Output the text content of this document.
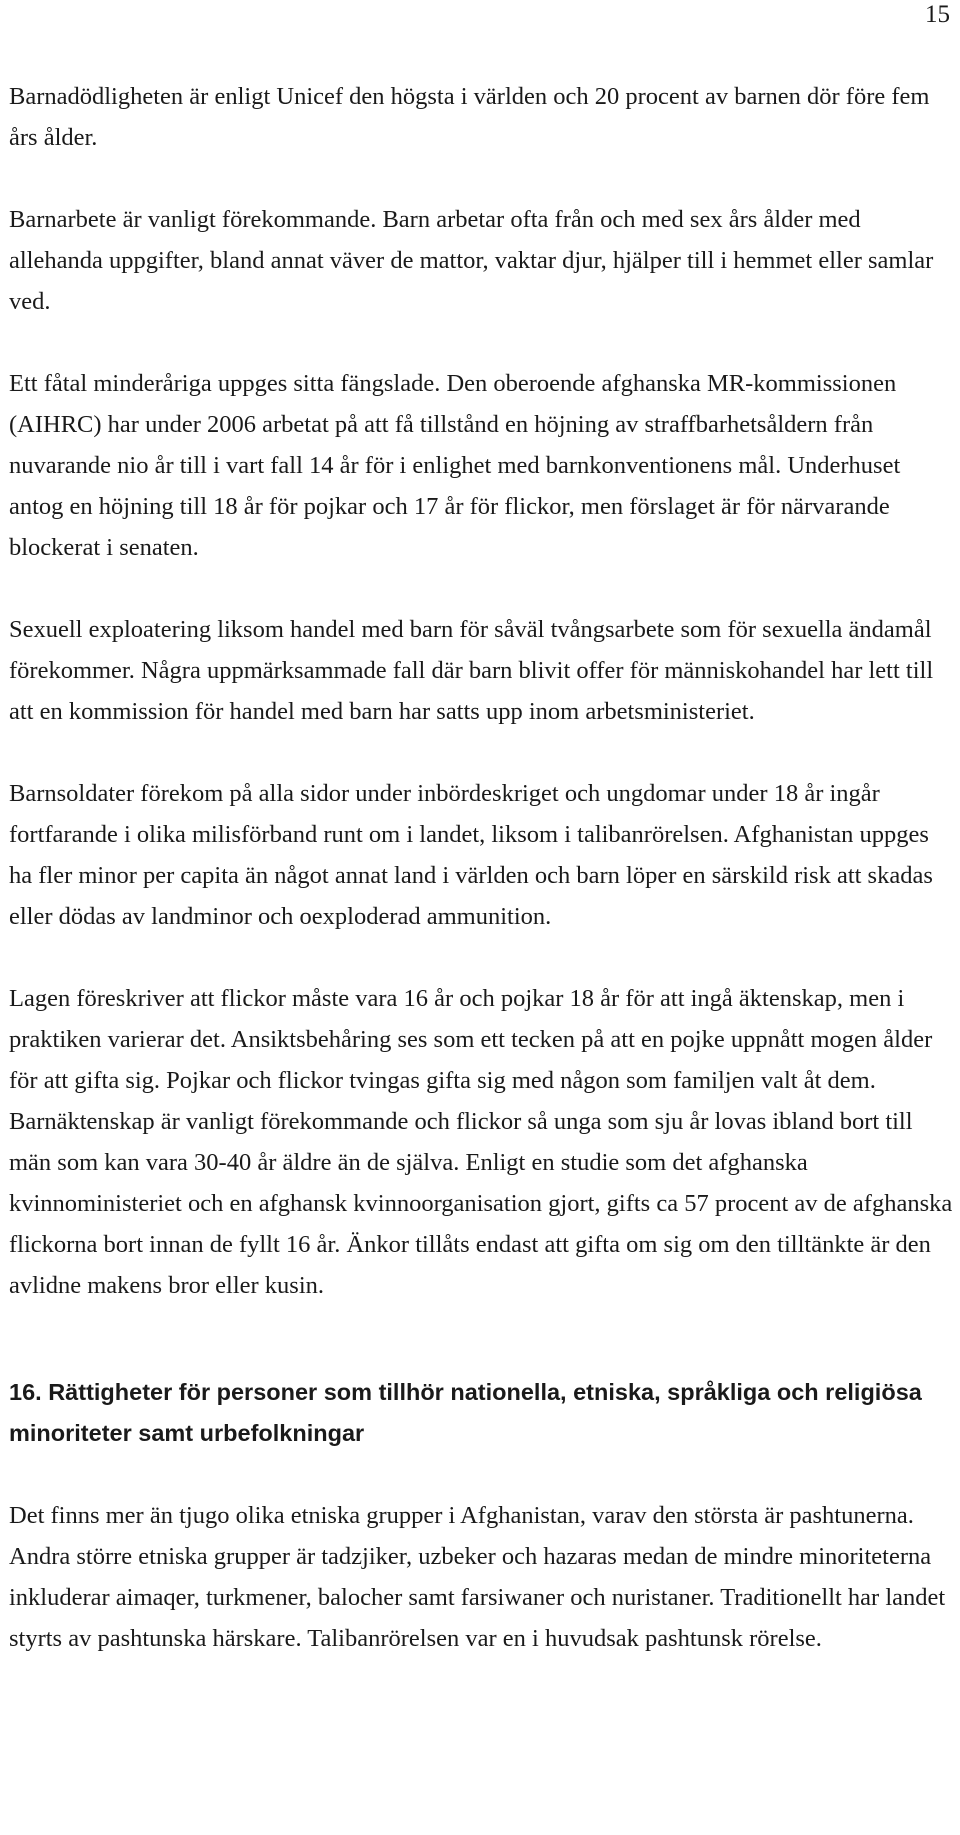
15

Barnadödligheten är enligt Unicef den högsta i världen och 20 procent av barnen dör före fem års ålder.

Barnarbete är vanligt förekommande. Barn arbetar ofta från och med sex års ålder med allehanda uppgifter, bland annat väver de mattor, vaktar djur, hjälper till i hemmet eller samlar ved.

Ett fåtal minderåriga uppges sitta fängslade. Den oberoende afghanska MR-kommissionen (AIHRC) har under 2006 arbetat på att få tillstånd en höjning av straffbarhetsåldern från nuvarande nio år till i vart fall 14 år för i enlighet med barnkonventionens mål. Underhuset antog en höjning till 18 år för pojkar och 17 år för flickor, men förslaget är för närvarande blockerat i senaten.

Sexuell exploatering liksom handel med barn för såväl tvångsarbete som för sexuella ändamål förekommer. Några uppmärksammade fall där barn blivit offer för människohandel har lett till att en kommission för handel med barn har satts upp inom arbetsministeriet.

Barnsoldater förekom på alla sidor under inbördeskriget och ungdomar under 18 år ingår fortfarande i olika milisförband runt om i landet, liksom i talibanrörelsen. Afghanistan uppges ha fler minor per capita än något annat land i världen och barn löper en särskild risk att skadas eller dödas av landminor och oexploderad ammunition.

Lagen föreskriver att flickor måste vara 16 år och pojkar 18 år för att ingå äktenskap, men i praktiken varierar det. Ansiktsbehåring ses som ett tecken på att en pojke uppnått mogen ålder för att gifta sig. Pojkar och flickor tvingas gifta sig med någon som familjen valt åt dem. Barnäktenskap är vanligt förekommande och flickor så unga som sju år lovas ibland bort till män som kan vara 30-40 år äldre än de själva. Enligt en studie som det afghanska kvinnoministeriet och en afghansk kvinnoorganisation gjort, gifts ca 57 procent av de afghanska flickorna bort innan de fyllt 16 år. Änkor tillåts endast att gifta om sig om den tilltänkte är den avlidne makens bror eller kusin.

16. Rättigheter för personer som tillhör nationella, etniska, språkliga och religiösa minoriteter samt urbefolkningar

Det finns mer än tjugo olika etniska grupper i Afghanistan, varav den största är pashtunerna. Andra större etniska grupper är tadzjiker, uzbeker och hazaras medan de mindre minoriteterna inkluderar aimaqer, turkmener, balocher samt farsiwaner och nuristaner. Traditionellt har landet styrts av pashtunska härskare. Talibanrörelsen var en i huvudsak pashtunsk rörelse.
